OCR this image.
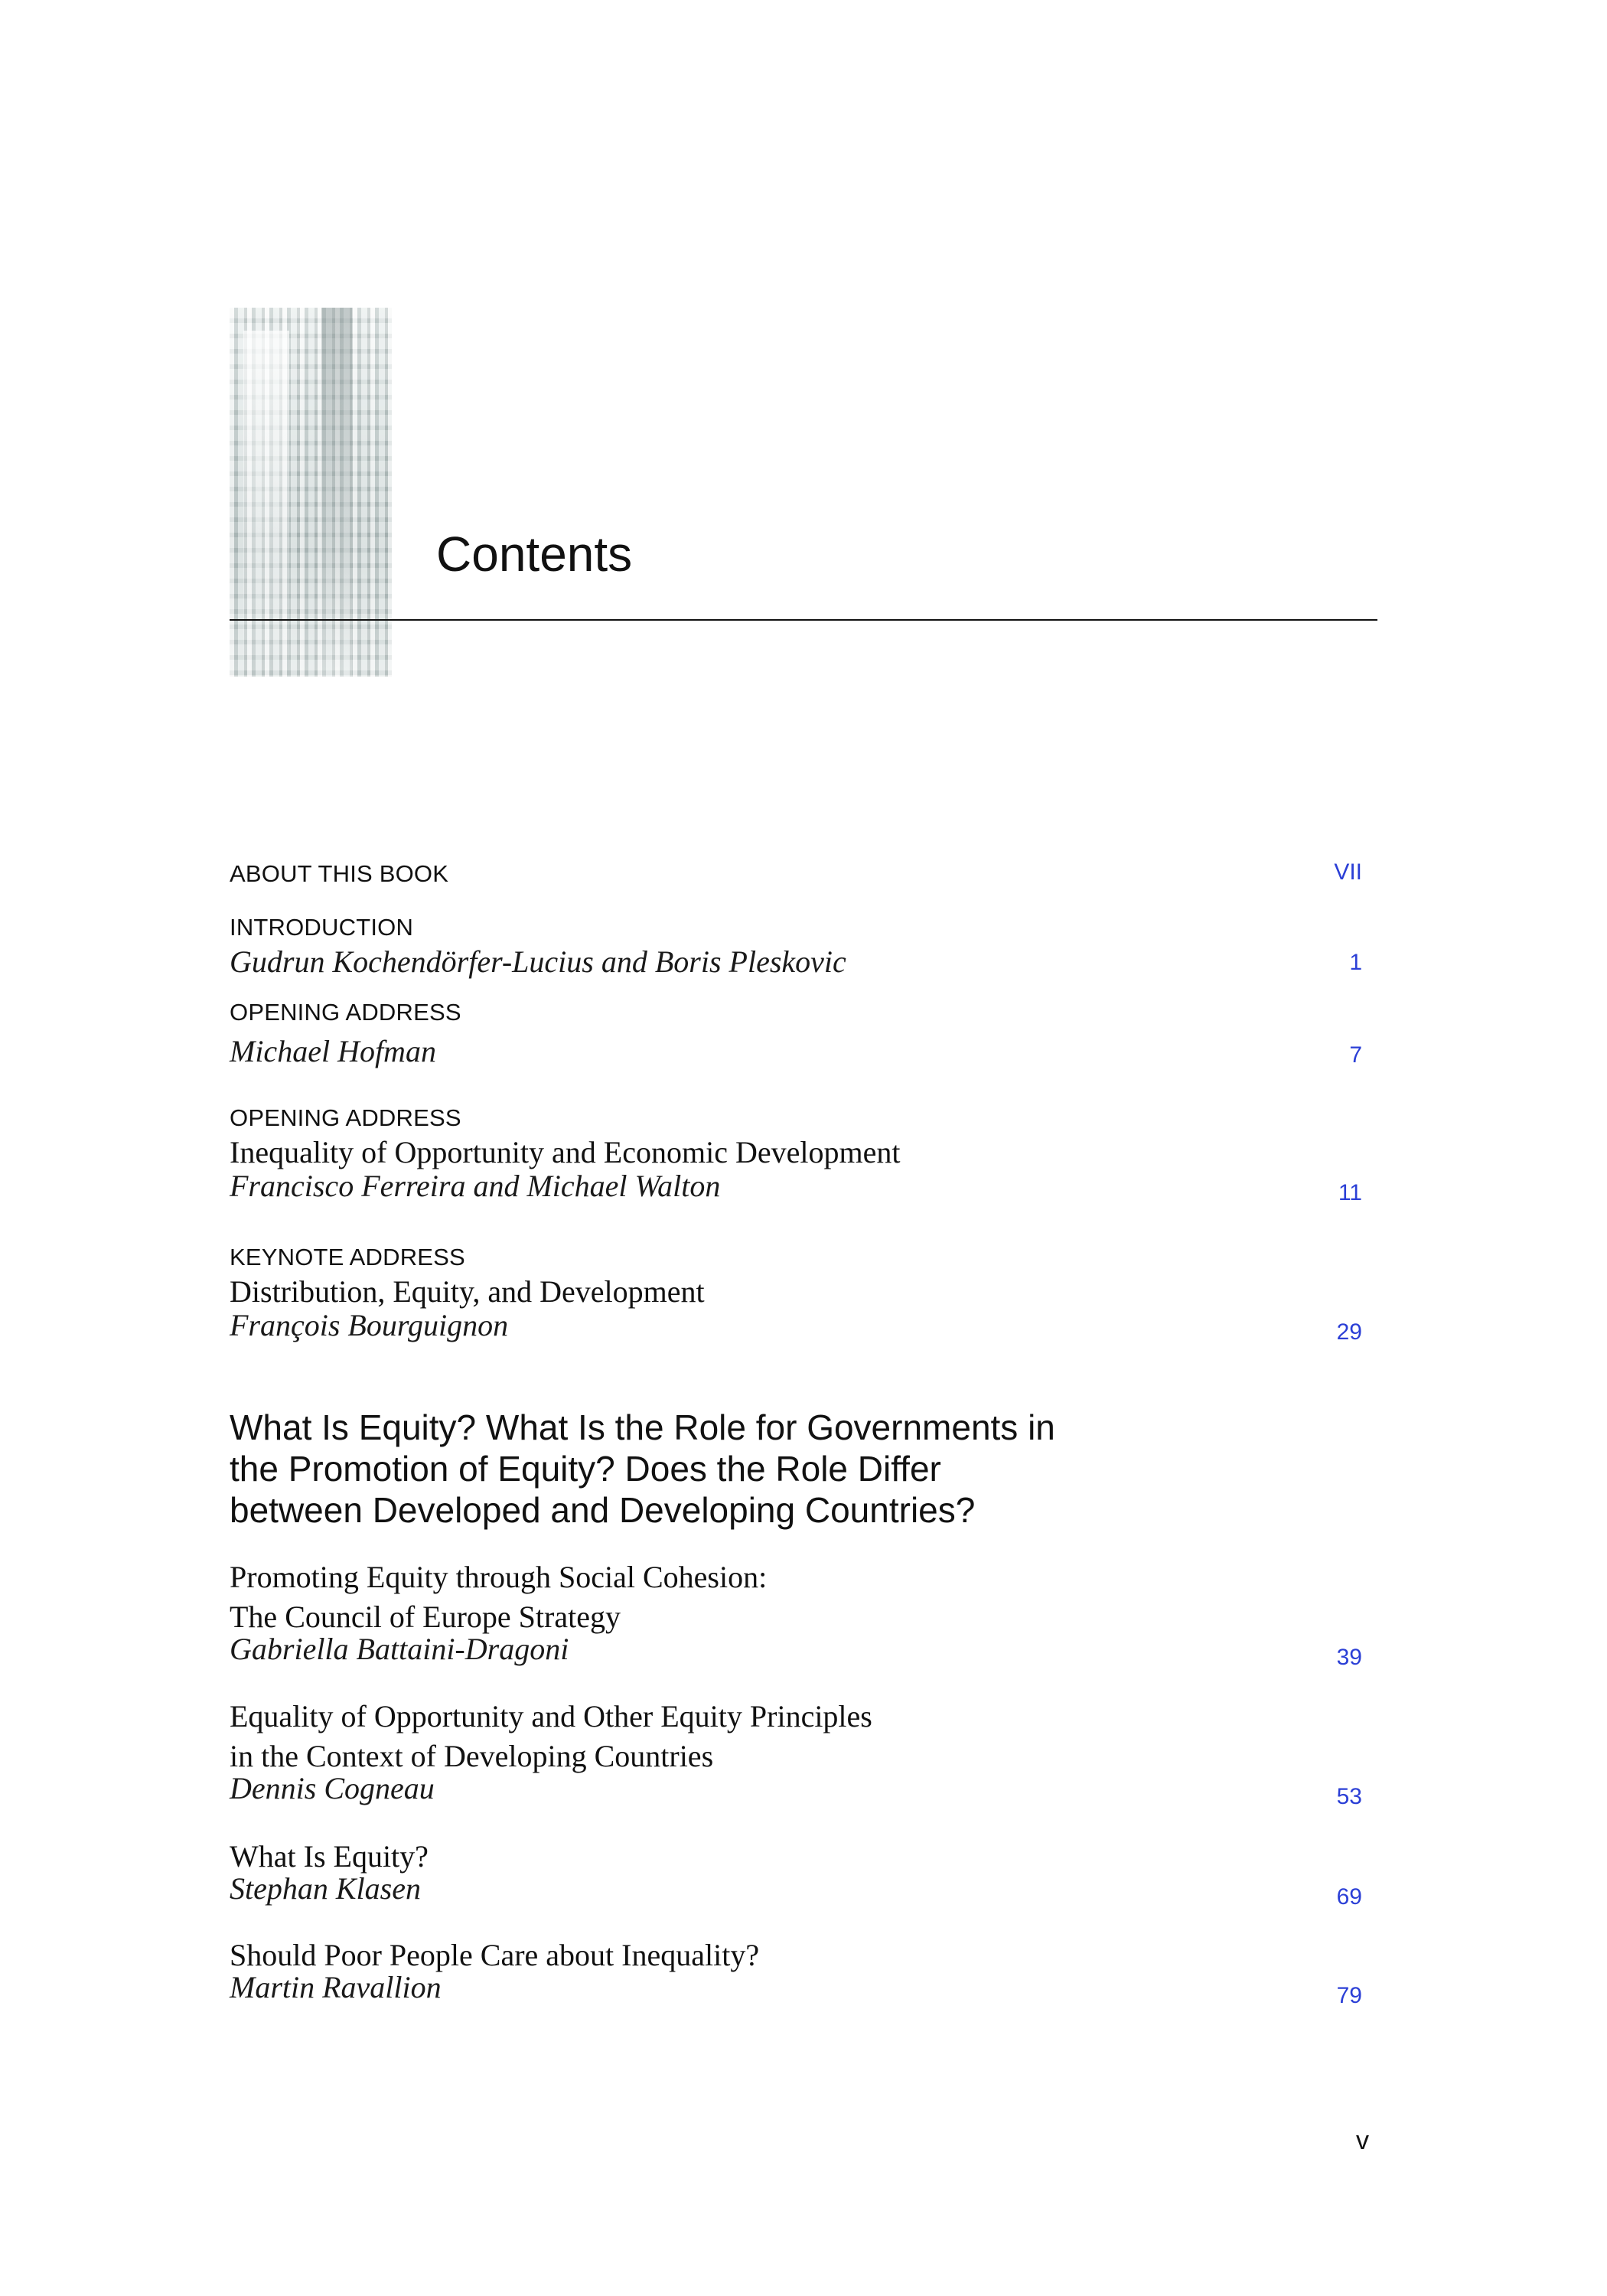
Contents
ABOUT THIS BOOK	VII
INTRODUCTION
Gudrun Kochendörfer-Lucius and Boris Pleskovic	1
OPENING ADDRESS
Michael Hofman	7
OPENING ADDRESS
Inequality of Opportunity and Economic Development
Francisco Ferreira and Michael Walton	11
KEYNOTE ADDRESS
Distribution, Equity, and Development
François Bourguignon	29
What Is Equity? What Is the Role for Governments in
the Promotion of Equity? Does the Role Differ
between Developed and Developing Countries?
Promoting Equity through Social Cohesion:
The Council of Europe Strategy
Gabriella Battaini-Dragoni	39
Equality of Opportunity and Other Equity Principles
in the Context of Developing Countries
Dennis Cogneau	53
What Is Equity?
Stephan Klasen	69
Should Poor People Care about Inequality?
Martin Ravallion	79
v
